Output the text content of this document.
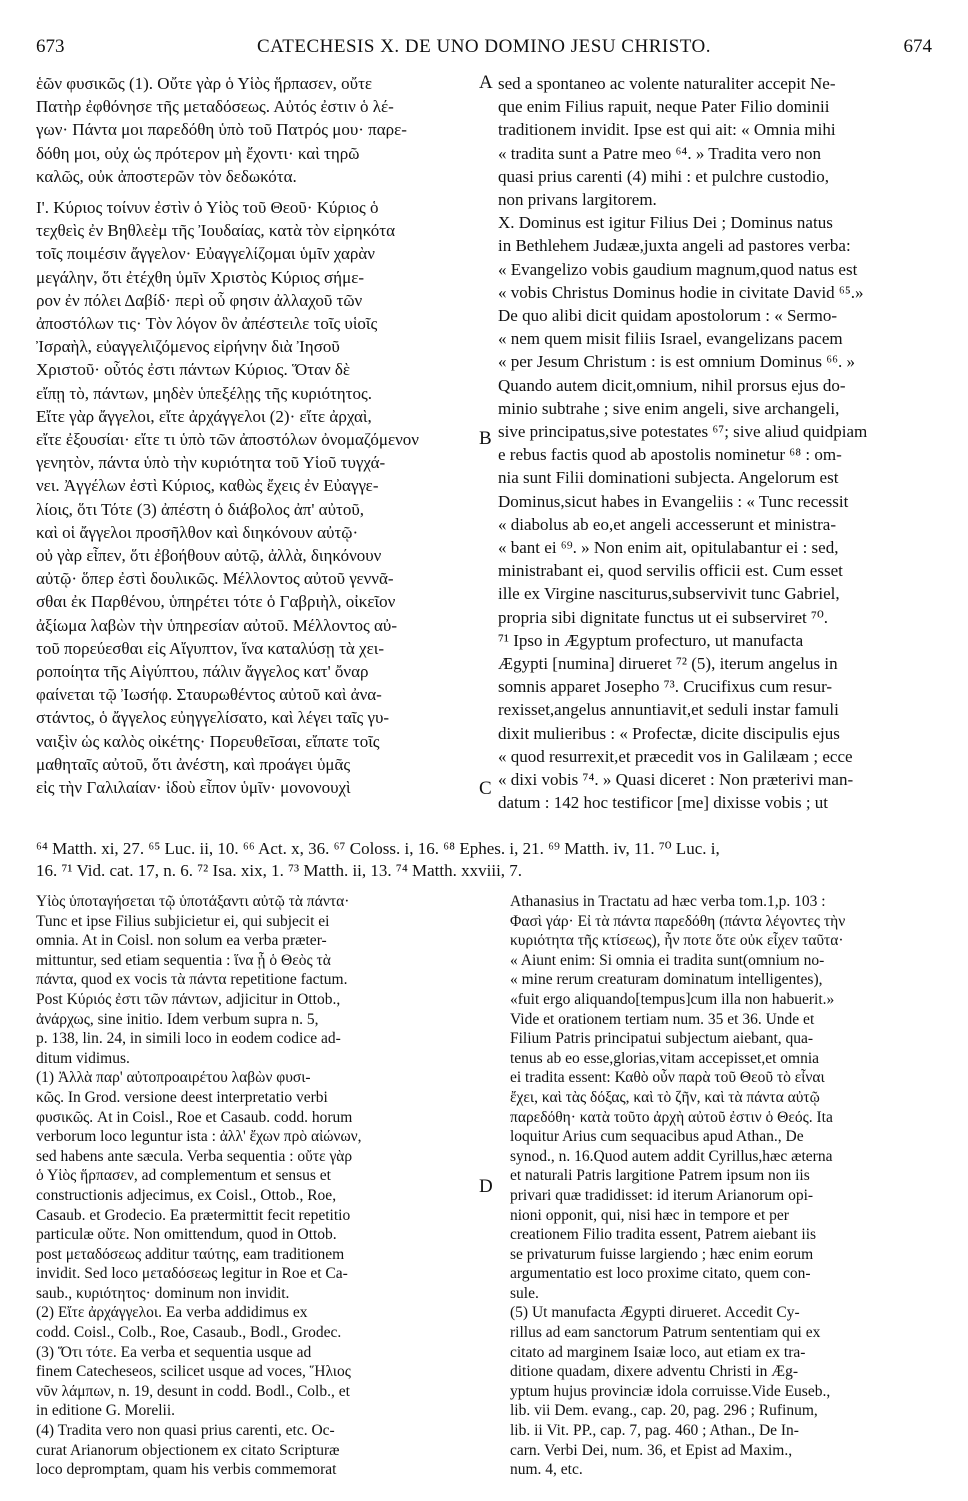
673	CATECHESIS X. DE UNO DOMINO JESU CHRISTO.	674
A
B
C
D
ἑῶν φυσικῶς (1). Οὔτε γὰρ ὁ Υἱὸς ἥρπασεν, οὔτε
Πατὴρ ἐφθόνησε τῆς μεταδόσεως. Αὐτός ἐστιν ὁ λέ-
γων· Πάντα μοι παρεδόθη ὑπὸ τοῦ Πατρός μου· παρε-
δόθη μοι, οὐχ ὡς πρότερον μὴ ἔχοντι· καὶ τηρῶ
καλῶς, οὐκ ἀποστερῶν τὸν δεδωκότα.
Ι'. Κύριος τοίνυν ἐστὶν ὁ Υἱὸς τοῦ Θεοῦ· Κύριος ὁ
τεχθεὶς ἐν Βηθλεὲμ τῆς Ἰουδαίας, κατὰ τὸν εἰρηκότα
τοῖς ποιμέσιν ἄγγελον· Εὐαγγελίζομαι ὑμῖν χαρὰν
μεγάλην, ὅτι ἐτέχθη ὑμῖν Χριστὸς Κύριος σήμε-
ρον ἐν πόλει Δαβίδ· περὶ οὗ φησιν ἀλλαχοῦ τῶν
ἀποστόλων τις· Τὸν λόγον ὃν ἀπέστειλε τοῖς υἱοῖς
Ἰσραὴλ, εὐαγγελιζόμενος εἰρήνην διὰ Ἰησοῦ
Χριστοῦ· οὗτός ἐστι πάντων Κύριος. Ὅταν δὲ
εἴπῃ τὸ, πάντων, μηδὲν ὑπεξέλῃς τῆς κυριότητος.
Εἴτε γὰρ ἄγγελοι, εἴτε ἀρχάγγελοι (2)· εἴτε ἀρχαὶ,
εἴτε ἐξουσίαι· εἴτε τι ὑπὸ τῶν ἀποστόλων ὀνομαζόμενον
γενητὸν, πάντα ὑπὸ τὴν κυριότητα τοῦ Υἱοῦ τυγχά-
νει. Ἀγγέλων ἐστὶ Κύριος, καθὼς ἔχεις ἐν Εὐαγγε-
λίοις, ὅτι Τότε (3) ἀπέστη ὁ διάβολος ἀπ' αὐτοῦ,
καὶ οἱ ἄγγελοι προσῆλθον καὶ διηκόνουν αὐτῷ·
οὐ γὰρ εἶπεν, ὅτι ἐβοήθουν αὐτῷ, ἀλλὰ, διηκόνουν
αὐτῷ· ὅπερ ἐστὶ δουλικῶς. Μέλλοντος αὐτοῦ γεννᾶ-
σθαι ἐκ Παρθένου, ὑπηρέτει τότε ὁ Γαβριὴλ, οἰκεῖον
ἀξίωμα λαβὼν τὴν ὑπηρεσίαν αὐτοῦ. Μέλλοντος αὐ-
τοῦ πορεύεσθαι εἰς Αἴγυπτον, ἵνα καταλύσῃ τὰ χει-
ροποίητα τῆς Αἰγύπτου, πάλιν ἄγγελος κατ' ὄναρ
φαίνεται τῷ Ἰωσήφ. Σταυρωθέντος αὐτοῦ καὶ ἀνα-
στάντος, ὁ ἄγγελος εὐηγγελίσατο, καὶ λέγει ταῖς γυ-
ναιξὶν ὡς καλὸς οἰκέτης· Πορευθεῖσαι, εἴπατε τοῖς
μαθηταῖς αὐτοῦ, ὅτι ἀνέστη, καὶ προάγει ὑμᾶς
εἰς τὴν Γαλιλαίαν· ἰδοὺ εἶπον ὑμῖν· μονονουχὶ
sed a spontaneo ac volente naturaliter accepit Ne-
que enim Filius rapuit, neque Pater Filio dominii
traditionem invidit. Ipse est qui ait: « Omnia mihi
« tradita sunt a Patre meo ⁶⁴. » Tradita vero non
quasi prius carenti (4) mihi : et pulchre custodio,
non privans largitorem.
X. Dominus est igitur Filius Dei ; Dominus natus
in Bethlehem Judææ,juxta angeli ad pastores verba:
« Evangelizo vobis gaudium magnum,quod natus est
« vobis Christus Dominus hodie in civitate David ⁶⁵.»
De quo alibi dicit quidam apostolorum : « Sermo-
« nem quem misit filiis Israel, evangelizans pacem
« per Jesum Christum : is est omnium Dominus ⁶⁶. »
Quando autem dicit,omnium, nihil prorsus ejus do-
minio subtrahe ; sive enim angeli, sive archangeli,
sive principatus,sive potestates ⁶⁷; sive aliud quidpiam
e rebus factis quod ab apostolis nominetur ⁶⁸ : om-
nia sunt Filii dominationi subjecta. Angelorum est
Dominus,sicut habes in Evangeliis : « Tunc recessit
« diabolus ab eo,et angeli accesserunt et ministra-
« bant ei ⁶⁹. » Non enim ait, opitulabantur ei : sed,
ministrabant ei, quod servilis officii est. Cum esset
ille ex Virgine nasciturus,subservivit tunc Gabriel,
propria sibi dignitate functus ut ei subserviret ⁷⁰.
⁷¹ Ipso in Ægyptum profecturo, ut manufacta
Ægypti [numina] dirueret ⁷² (5), iterum angelus in
somnis apparet Josepho ⁷³. Crucifixus cum resur-
rexisset,angelus annuntiavit,et seduli instar famuli
dixit mulieribus : « Profectæ, dicite discipulis ejus
« quod resurrexit,et præcedit vos in Galilæam ; ecce
« dixi vobis ⁷⁴. » Quasi diceret : Non præterivi man-
datum : 142 hoc testificor [me] dixisse vobis ; ut
⁶⁴ Matth. xi, 27. ⁶⁵ Luc. ii, 10. ⁶⁶ Act. x, 36. ⁶⁷ Coloss. i, 16. ⁶⁸ Ephes. i, 21. ⁶⁹ Matth. iv, 11. ⁷⁰ Luc. i,
16. ⁷¹ Vid. cat. 17, n. 6. ⁷² Isa. xix, 1. ⁷³ Matth. ii, 13. ⁷⁴ Matth. xxviii, 7.
Υἱὸς ὑποταγήσεται τῷ ὑποτάξαντι αὐτῷ τὰ πάντα·
Tunc et ipse Filius subjicietur ei, qui subjecit ei
omnia. At in Coisl. non solum ea verba præter-
mittuntur, sed etiam sequentia : ἵνα ᾖ ὁ Θεὸς τὰ
πάντα, quod ex vocis τὰ πάντα repetitione factum.
Post Κύριός ἐστι τῶν πάντων, adjicitur in Ottob.,
ἀνάρχως, sine initio. Idem verbum supra n. 5,
p. 138, lin. 24, in simili loco in eodem codice ad-
ditum vidimus.
(1) Ἀλλὰ παρ' αὐτοπροαιρέτου λαβὼν φυσι-
κῶς. In Grod. versione deest interpretatio verbi
φυσικῶς. At in Coisl., Roe et Casaub. codd. horum
verborum loco leguntur ista : ἀλλ' ἔχων πρὸ αἰώνων,
sed habens ante sæcula. Verba sequentia : οὔτε γὰρ
ὁ Υἱὸς ἥρπασεν, ad complementum et sensus et
constructionis adjecimus, ex Coisl., Ottob., Roe,
Casaub. et Grodecio. Ea prætermittit fecit repetitio
particulæ οὔτε. Non omittendum, quod in Ottob.
post μεταδόσεως additur ταύτης, eam traditionem
invidit. Sed loco μεταδόσεως legitur in Roe et Ca-
saub., κυριότητος· dominum non invidit.
(2) Εἴτε ἀρχάγγελοι. Ea verba addidimus ex
codd. Coisl., Colb., Roe, Casaub., Bodl., Grodec.
(3) Ὅτι τότε. Ea verba et sequentia usque ad
finem Catecheseos, scilicet usque ad voces, Ἥλιος
νῦν λάμπων, n. 19, desunt in codd. Bodl., Colb., et
in editione G. Morelii.
(4) Tradita vero non quasi prius carenti, etc. Oc-
curat Arianorum objectionem ex citato Scripturæ
loco depromptam, quam his verbis commemorat
Athanasius in Tractatu ad hæc verba tom.1,p. 103 :
Φασὶ γάρ· Εἰ τὰ πάντα παρεδόθη (πάντα λέγοντες τὴν
κυριότητα τῆς κτίσεως), ἦν ποτε ὅτε οὐκ εἶχεν ταῦτα·
« Aiunt enim: Si omnia ei tradita sunt(omnium no-
« mine rerum creaturam dominatum intelligentes),
«fuit ergo aliquando[tempus]cum illa non habuerit.»
Vide et orationem tertiam num. 35 et 36. Unde et
Filium Patris principatui subjectum aiebant, qua-
tenus ab eo esse,glorias,vitam accepisset,et omnia
ei tradita essent: Καθὸ οὖν παρὰ τοῦ Θεοῦ τὸ εἶναι
ἔχει, καὶ τὰς δόξας, καὶ τὸ ζῆν, καὶ τὰ πάντα αὐτῷ
παρεδόθη· κατὰ τοῦτο ἀρχὴ αὐτοῦ ἐστιν ὁ Θεός. Ita
loquitur Arius cum sequacibus apud Athan., De
synod., n. 16.Quod autem addit Cyrillus,hæc æterna
et naturali Patris largitione Patrem ipsum non iis
privari quæ tradidisset: id iterum Arianorum opi-
nioni opponit, qui, nisi hæc in tempore et per
creationem Filio tradita essent, Patrem aiebant iis
se privaturum fuisse largiendo ; hæc enim eorum
argumentatio est loco proxime citato, quem con-
sule.
(5) Ut manufacta Ægypti dirueret. Accedit Cy-
rillus ad eam sanctorum Patrum sententiam qui ex
citato ad marginem Isaiæ loco, aut etiam ex tra-
ditione quadam, dixere adventu Christi in Æg-
yptum hujus provinciæ idola corruisse.Vide Euseb.,
lib. vii Dem. evang., cap. 20, pag. 296 ; Rufinum,
lib. ii Vit. PP., cap. 7, pag. 460 ; Athan., De In-
carn. Verbi Dei, num. 36, et Epist ad Maxim.,
num. 4, etc.
